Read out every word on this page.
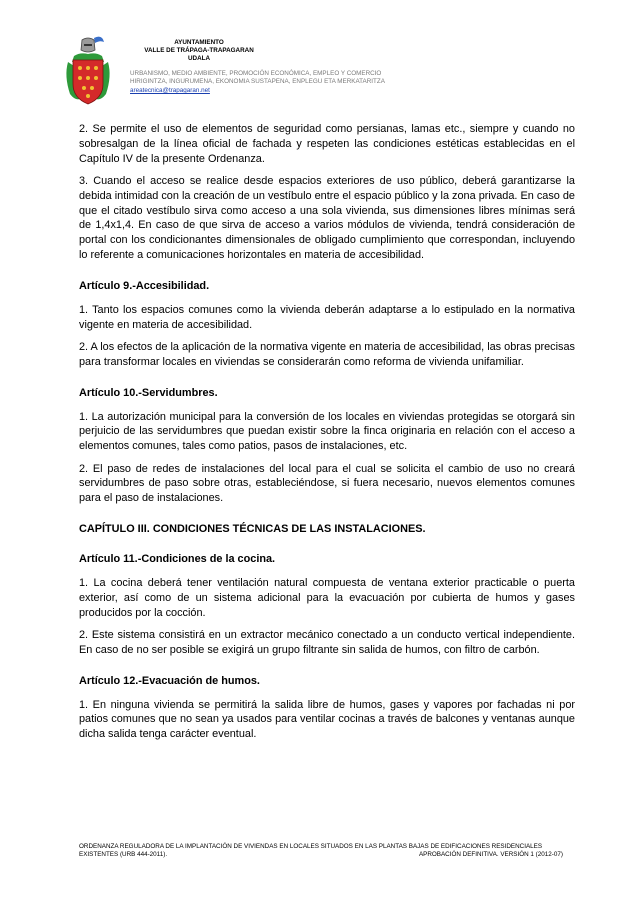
AYUNTAMIENTO
VALLE DE TRÁPAGA-TRAPAGARAN
UDALA
URBANISMO, MEDIO AMBIENTE, PROMOCIÓN ECONÓMICA, EMPLEO Y COMERCIO
HIRIGINTZA, INGURUMENA, EKONOMIA SUSTAPENA, ENPLEGU ETA MERKATARITZA
areatecnica@trapagaran.net

2. Se permite el uso de elementos de seguridad como persianas, lamas etc., siempre y cuando no sobresalgan de la línea oficial de fachada y respeten las condiciones estéticas establecidas en el Capítulo IV de la presente Ordenanza.

3. Cuando el acceso se realice desde espacios exteriores de uso público, deberá garantizarse la debida intimidad con la creación de un vestíbulo entre el espacio público y la zona privada. En caso de que el citado vestíbulo sirva como acceso a una sola vivienda, sus dimensiones libres mínimas será de 1,4x1,4. En caso de que sirva de acceso a varios módulos de vivienda, tendrá consideración de portal con los condicionantes dimensionales de obligado cumplimiento que correspondan, incluyendo lo referente a comunicaciones horizontales en materia de accesibilidad.

Artículo 9.-Accesibilidad.

1. Tanto los espacios comunes como la vivienda deberán adaptarse a lo estipulado en la normativa vigente en materia de accesibilidad.

2. A los efectos de la aplicación de la normativa vigente en materia de accesibilidad, las obras precisas para transformar locales en viviendas se considerarán como reforma de vivienda unifamiliar.

Artículo 10.-Servidumbres.

1. La autorización municipal para la conversión de los locales en viviendas protegidas se otorgará sin perjuicio de las servidumbres que puedan existir sobre la finca originaria en relación con el acceso a elementos comunes, tales como patios, pasos de instalaciones, etc.

2. El paso de redes de instalaciones del local para el cual se solicita el cambio de uso no creará servidumbres de paso sobre otras, estableciéndose, si fuera necesario, nuevos elementos comunes para el paso de instalaciones.

CAPÍTULO III. CONDICIONES TÉCNICAS DE LAS INSTALACIONES.
Artículo 11.-Condiciones de la cocina.

1. La cocina deberá tener ventilación natural compuesta de ventana exterior practicable o puerta exterior, así como de un sistema adicional para la evacuación por cubierta de humos y gases producidos por la cocción.

2. Este sistema consistirá en un extractor mecánico conectado a un conducto vertical independiente. En caso de no ser posible se exigirá un grupo filtrante sin salida de humos, con filtro de carbón.

Artículo 12.-Evacuación de humos.

1. En ninguna vivienda se permitirá la salida libre de humos, gases y vapores por fachadas ni por patios comunes que no sean ya usados para ventilar cocinas a través de balcones y ventanas aunque dicha salida tenga carácter eventual.

ORDENANZA REGULADORA DE LA IMPLANTACIÓN DE VIVIENDAS EN LOCALES SITUADOS EN LAS PLANTAS BAJAS DE EDIFICACIONES RESIDENCIALES
EXISTENTES (URB 444-2011).	APROBACIÓN DEFINITIVA. VERSIÓN 1 (2012-07)
